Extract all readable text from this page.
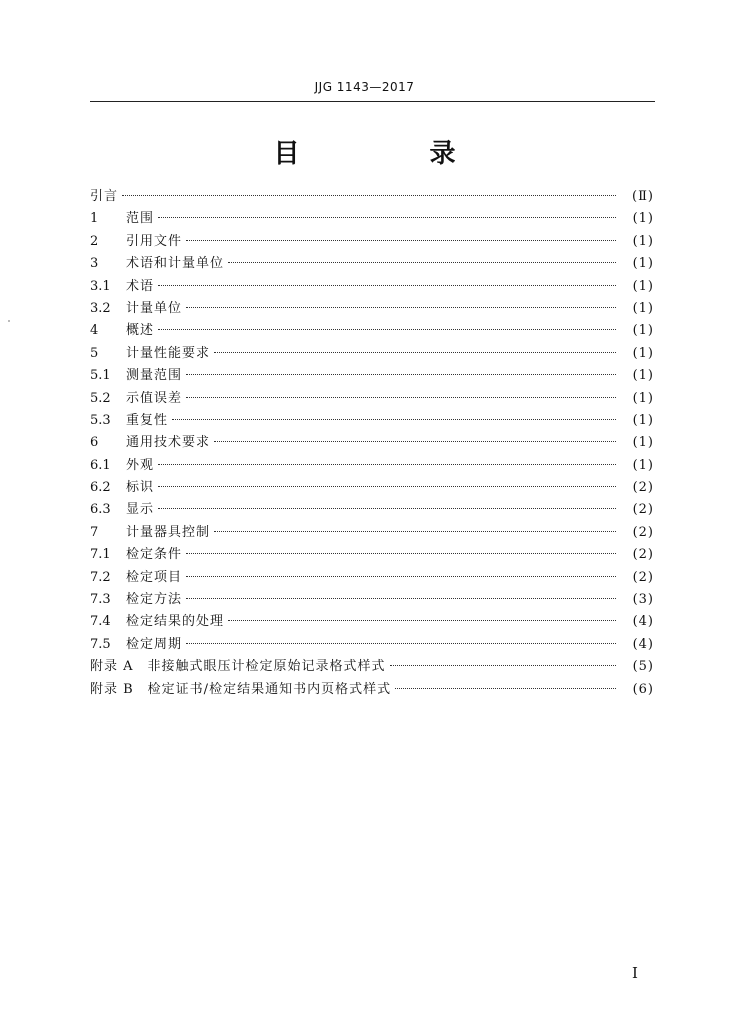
JJG 1143—2017
目　录
引言	(Ⅱ)
1	范围	(1)
2	引用文件	(1)
3	术语和计量单位	(1)
3.1	术语	(1)
3.2	计量单位	(1)
4	概述	(1)
5	计量性能要求	(1)
5.1	测量范围	(1)
5.2	示值误差	(1)
5.3	重复性	(1)
6	通用技术要求	(1)
6.1	外观	(1)
6.2	标识	(2)
6.3	显示	(2)
7	计量器具控制	(2)
7.1	检定条件	(2)
7.2	检定项目	(2)
7.3	检定方法	(3)
7.4	检定结果的处理	(4)
7.5	检定周期	(4)
附录 A　非接触式眼压计检定原始记录格式样式	(5)
附录 B　检定证书/检定结果通知书内页格式样式	(6)
Ⅰ
